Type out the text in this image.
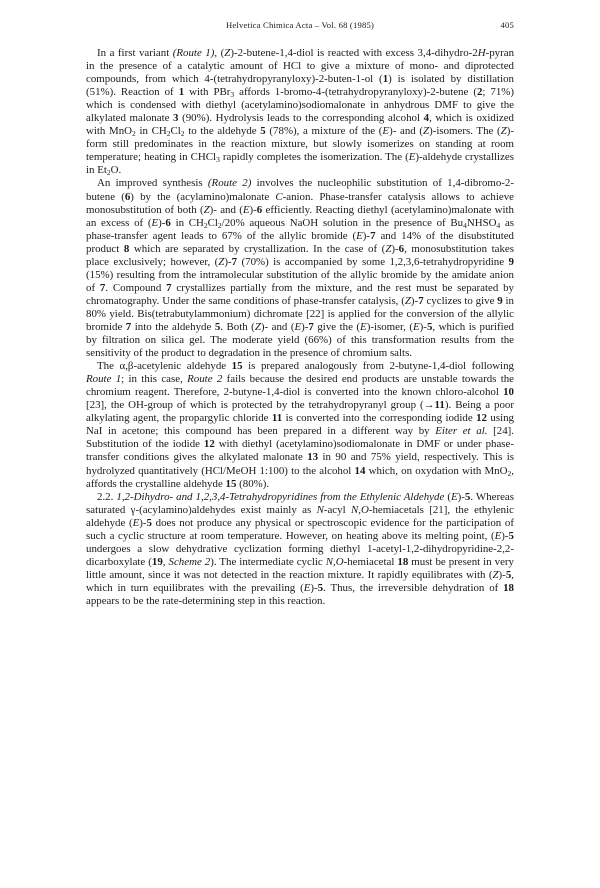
Helvetica Chimica Acta – Vol. 68 (1985)	405

In a first variant (Route 1), (Z)-2-butene-1,4-diol is reacted with excess 3,4-dihydro-2H-pyran in the presence of a catalytic amount of HCl to give a mixture of mono- and diprotected compounds, from which 4-(tetrahydropyranyloxy)-2-buten-1-ol (1) is isolated by distillation (51%). Reaction of 1 with PBr$_3$ affords 1-bromo-4-(tetrahydropyranyloxy)-2-butene (2; 71%) which is condensed with diethyl (acetylamino)sodiomalonate in anhydrous DMF to give the alkylated malonate 3 (90%). Hydrolysis leads to the corresponding alcohol 4, which is oxidized with MnO$_2$ in $CH_2Cl_2$ to the aldehyde 5 (78%), a mixture of the (E)- and (Z)-isomers. The (Z)-form still predominates in the reaction mixture, but slowly isomerizes on standing at room temperature; heating in CHCl$_3$ rapidly completes the isomerization. The (E)-aldehyde crystallizes in $Et_2O$.

An improved synthesis (Route 2) involves the nucleophilic substitution of 1,4-dibromo-2-butene (6) by the (acylamino)malonate C-anion. Phase-transfer catalysis allows to achieve monosubstitution of both (Z)- and (E)-6 efficiently. Reacting diethyl (acetylamino)malonate with an excess of (E)-6 in $CH_2Cl_2/20\%$ aqueous NaOH solution in the presence of $Bu_4NHSO_4$ as phase-transfer agent leads to 67% of the allylic bromide (E)-7 and 14% of the disubstituted product 8 which are separated by crystallization. In the case of (Z)-6, monosubstitution takes place exclusively; however, (Z)-7 (70%) is accompanied by some 1,2,3,6-tetrahydropyridine 9 (15%) resulting from the intramolecular substitution of the allylic bromide by the amidate anion of 7. Compound 7 crystallizes partially from the mixture, and the rest must be separated by chromatography. Under the same conditions of phase-transfer catalysis, (Z)-7 cyclizes to give 9 in 80% yield. Bis(tetrabutylammonium) dichromate [22] is applied for the conversion of the allylic bromide 7 into the aldehyde 5. Both (Z)- and (E)-7 give the (E)-isomer, (E)-5, which is purified by filtration on silica gel. The moderate yield (66%) of this transformation results from the sensitivity of the product to degradation in the presence of chromium salts.

The α,β-acetylenic aldehyde 15 is prepared analogously from 2-butyne-1,4-diol following Route 1; in this case, Route 2 fails because the desired end products are unstable towards the chromium reagent. Therefore, 2-butyne-1,4-diol is converted into the known chloro-alcohol 10 [23], the OH-group of which is protected by the tetrahydropyranyl group (→11). Being a poor alkylating agent, the propargylic chloride 11 is converted into the corresponding iodide 12 using NaI in acetone; this compound has been prepared in a different way by Eiter et al. [24]. Substitution of the iodide 12 with diethyl (acetylamino)sodiomalonate in DMF or under phase-transfer conditions gives the alkylated malonate 13 in 90 and 75% yield, respectively. This is hydrolyzed quantitatively (HCl/MeOH 1:100) to the alcohol 14 which, on oxydation with MnO$_2$, affords the crystalline aldehyde 15 (80%).

2.2. 1,2-Dihydro- and 1,2,3,4-Tetrahydropyridines from the Ethylenic Aldehyde (E)-5. Whereas saturated γ-(acylamino)aldehydes exist mainly as N-acyl N,O-hemiacetals [21], the ethylenic aldehyde (E)-5 does not produce any physical or spectroscopic evidence for the participation of such a cyclic structure at room temperature. However, on heating above its melting point, (E)-5 undergoes a slow dehydrative cyclization forming diethyl 1-acetyl-1,2-dihydropyridine-2,2-dicarboxylate (19, Scheme 2). The intermediate cyclic N,O-hemiacetal 18 must be present in very little amount, since it was not detected in the reaction mixture. It rapidly equilibrates with (Z)-5, which in turn equilibrates with the prevailing (E)-5. Thus, the irreversible dehydration of 18 appears to be the rate-determining step in this reaction.
